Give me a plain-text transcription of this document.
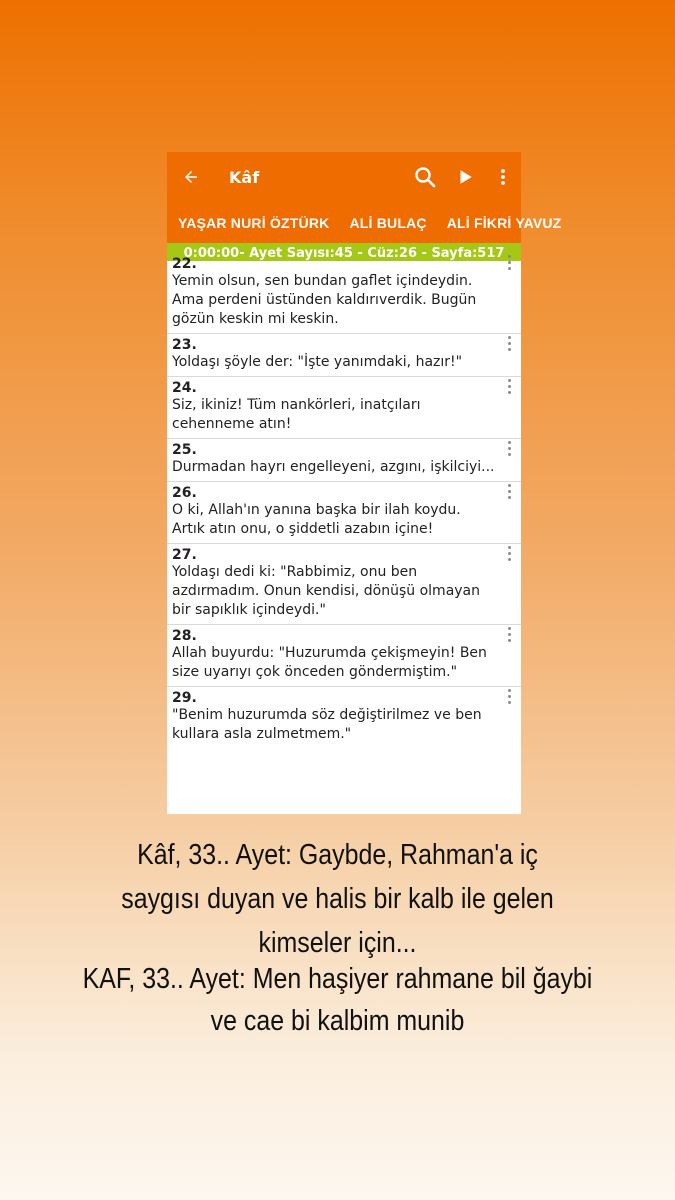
Kâf
YAŞAR NURİ ÖZTÜRK	ALİ BULAÇ	ALİ FİKRİ YAVUZ
0:00:00- Ayet Sayısı:45 - Cüz:26 - Sayfa:517
22.
Yemin olsun, sen bundan gaflet içindeydin. Ama perdeni üstünden kaldırıverdik. Bugün gözün keskin mi keskin.
23.
Yoldaşı şöyle der: "İşte yanımdaki, hazır!"
24.
Siz, ikiniz! Tüm nankörleri, inatçıları cehenneme atın!
25.
Durmadan hayrı engelleyeni, azgını, işkilciyi...
26.
O ki, Allah'ın yanına başka bir ilah koydu. Artık atın onu, o şiddetli azabın içine!
27.
Yoldaşı dedi ki: "Rabbimiz, onu ben azdırmadım. Onun kendisi, dönüşü olmayan bir sapıklık içindeydi."
28.
Allah buyurdu: "Huzurumda çekişmeyin! Ben size uyarıyı çok önceden göndermiştim."
29.
"Benim huzurumda söz değiştirilmez ve ben kullara asla zulmetmem."
Kâf, 33.. Ayet: Gaybde, Rahman'a iç
saygısı duyan ve halis bir kalb ile gelen
kimseler için...
KAF, 33.. Ayet: Men haşiyer rahmane bil ğaybi
ve cae bi kalbim munib
